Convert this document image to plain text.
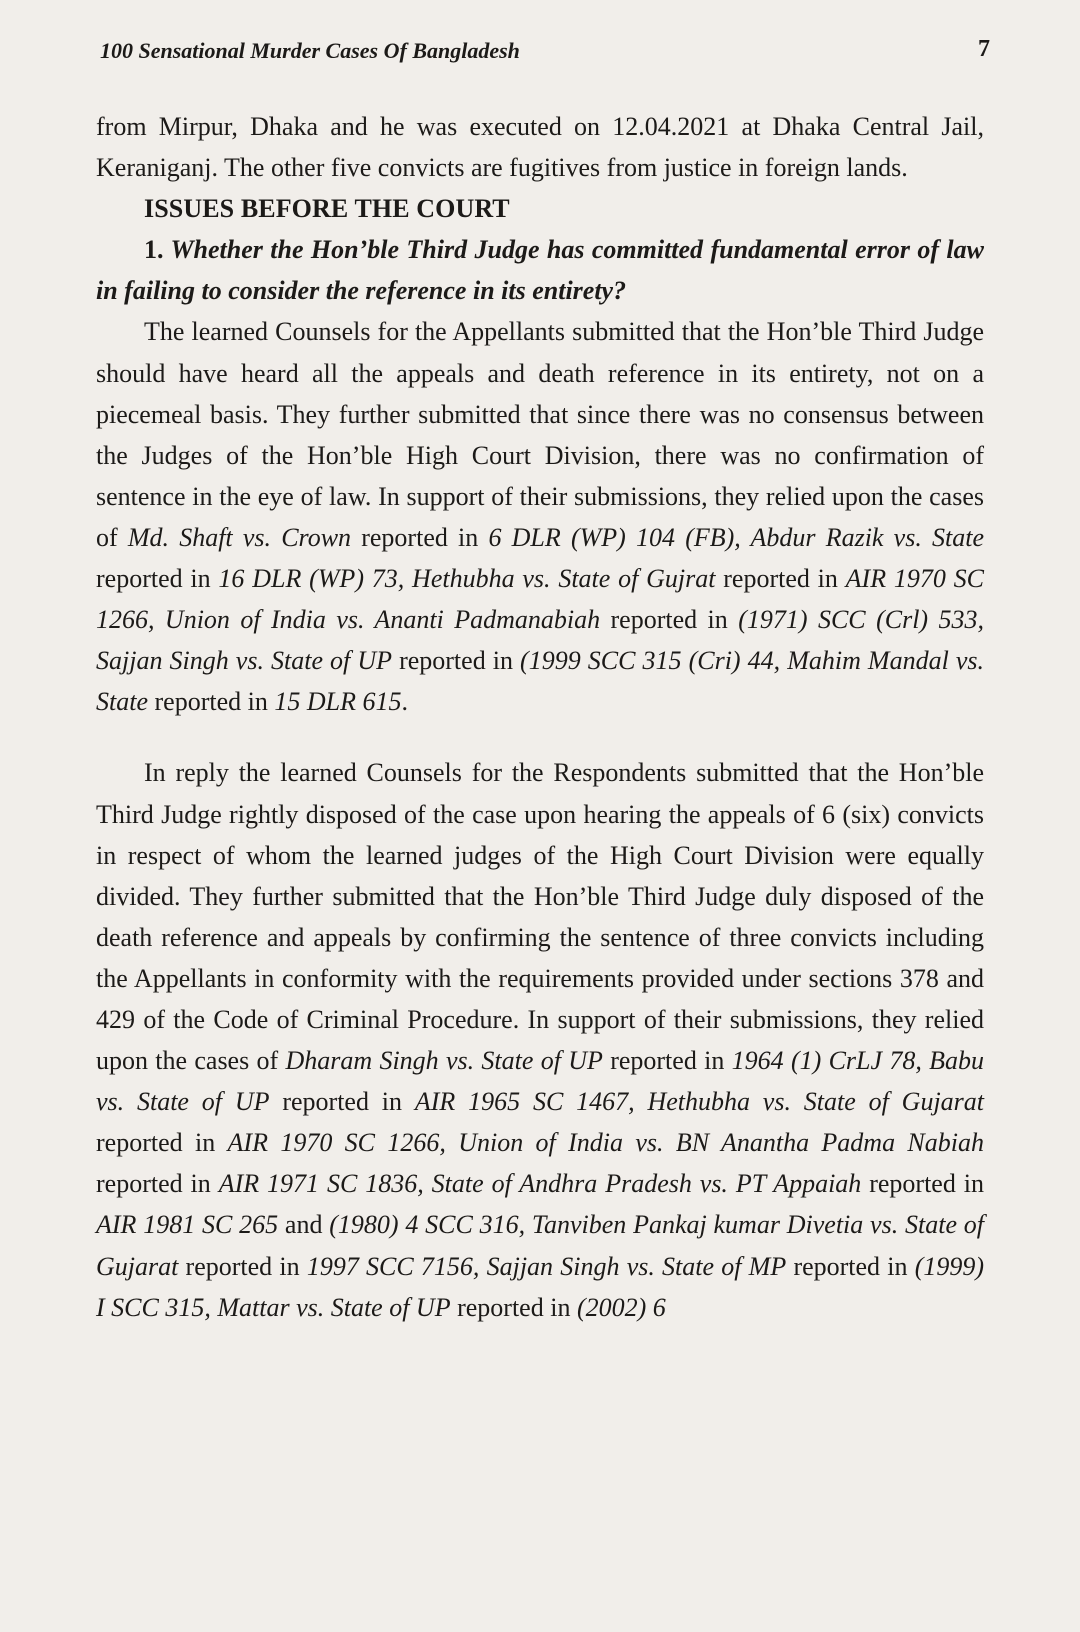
100 Sensational Murder Cases Of Bangladesh	7

from Mirpur, Dhaka and he was executed on 12.04.2021 at Dhaka Central Jail, Keraniganj. The other five convicts are fugitives from justice in foreign lands.

ISSUES BEFORE THE COURT

1. Whether the Hon’ble Third Judge has committed fundamental error of law in failing to consider the reference in its entirety?

The learned Counsels for the Appellants submitted that the Hon’ble Third Judge should have heard all the appeals and death reference in its entirety, not on a piecemeal basis. They further submitted that since there was no consensus between the Judges of the Hon’ble High Court Division, there was no confirmation of sentence in the eye of law. In support of their submissions, they relied upon the cases of Md. Shaft vs. Crown reported in 6 DLR (WP) 104 (FB), Abdur Razik vs. State reported in 16 DLR (WP) 73, Hethubha vs. State of Gujrat reported in AIR 1970 SC 1266, Union of India vs. Ananti Padmanabiah reported in (1971) SCC (Crl) 533, Sajjan Singh vs. State of UP reported in (1999 SCC 315 (Cri) 44, Mahim Mandal vs. State reported in 15 DLR 615.

In reply the learned Counsels for the Respondents submitted that the Hon’ble Third Judge rightly disposed of the case upon hearing the appeals of 6 (six) convicts in respect of whom the learned judges of the High Court Division were equally divided. They further submitted that the Hon’ble Third Judge duly disposed of the death reference and appeals by confirming the sentence of three convicts including the Appellants in conformity with the requirements provided under sections 378 and 429 of the Code of Criminal Procedure. In support of their submissions, they relied upon the cases of Dharam Singh vs. State of UP reported in 1964 (1) CrLJ 78, Babu vs. State of UP reported in AIR 1965 SC 1467, Hethubha vs. State of Gujarat reported in AIR 1970 SC 1266, Union of India vs. BN Anantha Padma Nabiah reported in AIR 1971 SC 1836, State of Andhra Pradesh vs. PT Appaiah reported in AIR 1981 SC 265 and (1980) 4 SCC 316, Tanviben Pankaj kumar Divetia vs. State of Gujarat reported in 1997 SCC 7156, Sajjan Singh vs. State of MP reported in (1999) I SCC 315, Mattar vs. State of UP reported in (2002) 6
